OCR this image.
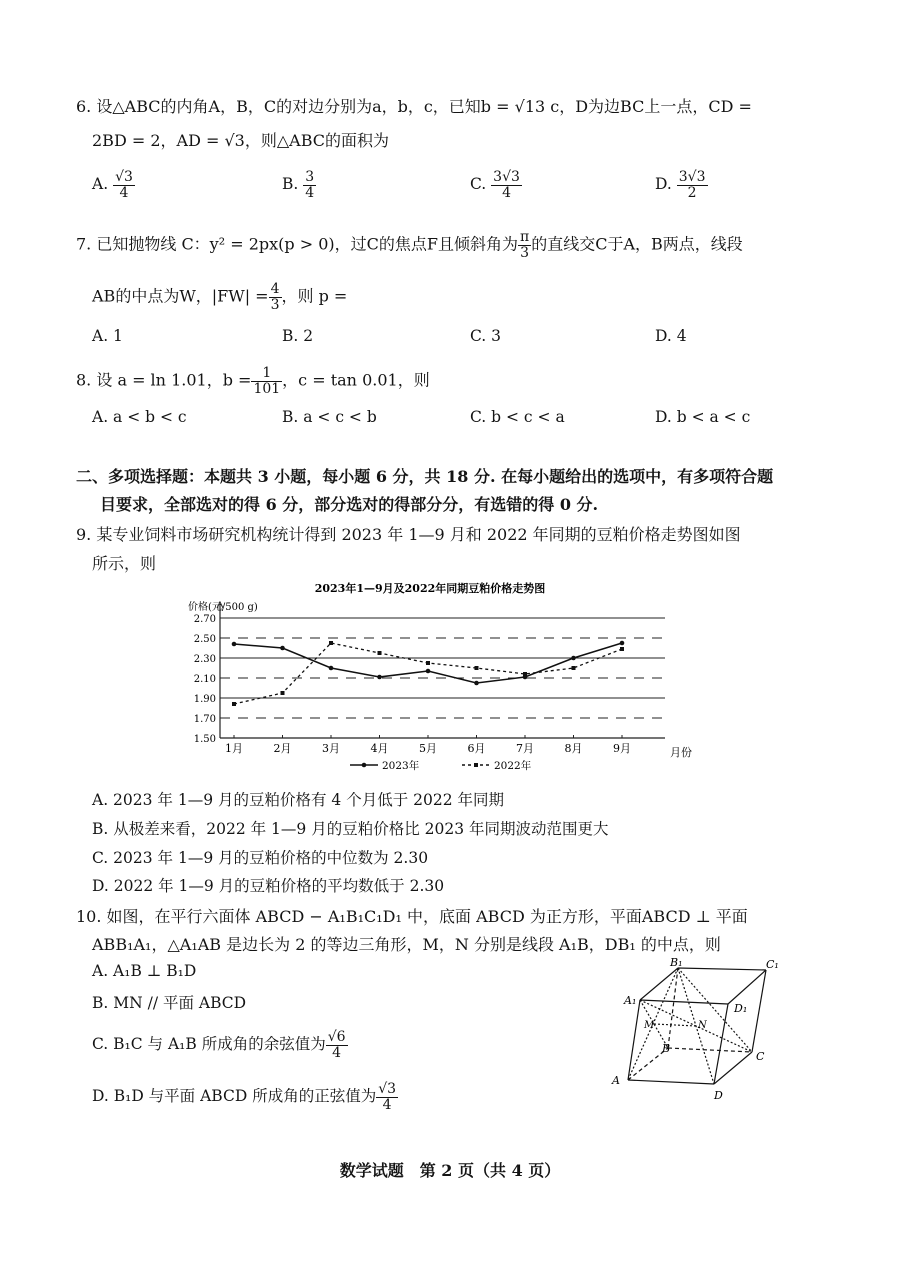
6. 设△ABC的内角A，B，C的对边分别为a，b，c，已知b = √13 c，D为边BC上一点，CD =
2BD = 2，AD = √3，则△ABC的面积为
A. $\frac{√3}{4}$	B. $\frac{3}{4}$	C. $\frac{3√3}{4}$	D. $\frac{3√3}{2}$
7. 已知抛物线 C：y² = 2px(p > 0)，过C的焦点F且倾斜角为 $\frac{\pi}{3}$ 的直线交C于A，B两点，线段
AB的中点为W，$|FW| = \frac{4}{3}$ ，则 p =
A. 1	B. 2	C. 3	D. 4
8. 设 a = ln 1.01，$b = \frac{1}{101}$ ，c = tan 0.01，则
A. a < b < c	B. a < c < b	C. b < c < a	D. b < a < c
二、多项选择题：本题共 3 小题，每小题 6 分，共 18 分. 在每小题给出的选项中，有多项符合题
目要求，全部选对的得 6 分，部分选对的得部分分，有选错的得 0 分.
9. 某专业饲料市场研究机构统计得到 2023 年 1—9 月和 2022 年同期的豆粕价格走势图如图
所示，则
2023年1—9月及2022年同期豆粕价格走势图
价格(元/500 g)
月份
1.50
1.70
1.90
2.10
2.30
2.50
2.70
1月	2月	3月	4月	5月	6月	7月	8月	9月
2023年	2022年
A. 2023 年 1—9 月的豆粕价格有 4 个月低于 2022 年同期
B. 从极差来看，2022 年 1—9 月的豆粕价格比 2023 年同期波动范围更大
C. 2023 年 1—9 月的豆粕价格的中位数为 2.30
D. 2022 年 1—9 月的豆粕价格的平均数低于 2.30
10. 如图，在平行六面体 ABCD − A₁B₁C₁D₁ 中，底面 ABCD 为正方形，平面ABCD ⊥ 平面
ABB₁A₁，△A₁AB 是边长为 2 的等边三角形，M，N 分别是线段 A₁B，DB₁ 的中点，则
A. A₁B ⊥ B₁D
B. MN // 平面 ABCD
C. B₁C 与 A₁B 所成角的余弦值为 $\frac{√6}{4}$
D. B₁D 与平面 ABCD 所成角的正弦值为 $\frac{√3}{4}$
A
B
C
D
A₁
B₁	C₁
D₁
M	N
数学试题　第 2 页（共 4 页）
